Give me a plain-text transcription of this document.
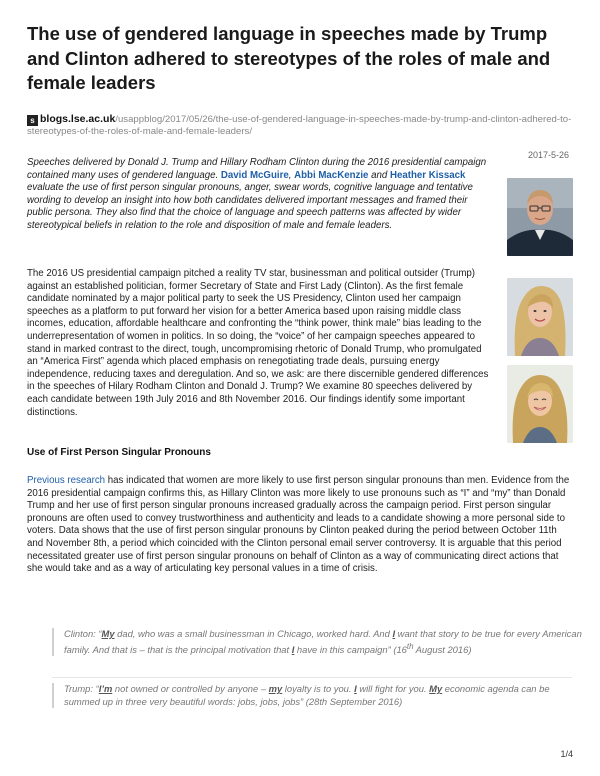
The use of gendered language in speeches made by Trump and Clinton adhered to stereotypes of the roles of male and female leaders
s blogs.lse.ac.uk/usappblog/2017/05/26/the-use-of-gendered-language-in-speeches-made-by-trump-and-clinton-adhered-to-stereotypes-of-the-roles-of-male-and-female-leaders/
2017-5-26
Speeches delivered by Donald J. Trump and Hillary Rodham Clinton during the 2016 presidential campaign contained many uses of gendered language. David McGuire, Abbi MacKenzie and Heather Kissack evaluate the use of first person singular pronouns, anger, swear words, cognitive language and tentative wording to develop an insight into how both candidates delivered important messages and framed their public persona. They also find that the choice of language and speech patterns was affected by wider stereotypical beliefs in relation to the role and disposition of male and female leaders.

The 2016 US presidential campaign pitched a reality TV star, businessman and political outsider (Trump) against an established politician, former Secretary of State and First Lady (Clinton). As the first female candidate nominated by a major political party to seek the US Presidency, Clinton used her campaign speeches as a platform to put forward her vision for a better America based upon raising middle class incomes, education, affordable healthcare and confronting the “think power, think male” bias leading to the underrepresentation of women in politics. In so doing, the “voice” of her campaign speeches appeared to stand in marked contrast to the direct, tough, uncompromising rhetoric of Donald Trump, who promulgated an “America First” agenda which placed emphasis on renegotiating trade deals, pursuing energy independence, reducing taxes and deregulation. And so, we ask: are there discernible gendered differences in the speeches of Hilary Rodham Clinton and Donald J. Trump? We examine 80 speeches delivered by each candidate between 19th July 2016 and 8th November 2016. Our findings identify some important distinctions.

Use of First Person Singular Pronouns

Previous research has indicated that women are more likely to use first person singular pronouns than men. Evidence from the 2016 presidential campaign confirms this, as Hillary Clinton was more likely to use pronouns such as “I” and “my” than Donald Trump and her use of first person singular pronouns increased gradually across the campaign period. First person singular pronouns are often used to convey trustworthiness and authenticity and leads to a candidate showing a more personal side to voters. Data shows that the use of first person singular pronouns by Clinton peaked during the period between October 11th and November 8th, a period which coincided with the Clinton personal email server controversy. It is arguable that this period necessitated greater use of first person singular pronouns on behalf of Clinton as a way of communicating direct actions that she would take and as a way of articulating key personal values in a time of crisis.

Clinton: “My dad, who was a small businessman in Chicago, worked hard. And I want that story to be true for every American family. And that is – that is the principal motivation that I have in this campaign” (16th August 2016)
Trump: “I’m not owned or controlled by anyone – my loyalty is to you. I will fight for you. My economic agenda can be summed up in three very beautiful words: jobs, jobs, jobs” (28th September 2016)
1/4
